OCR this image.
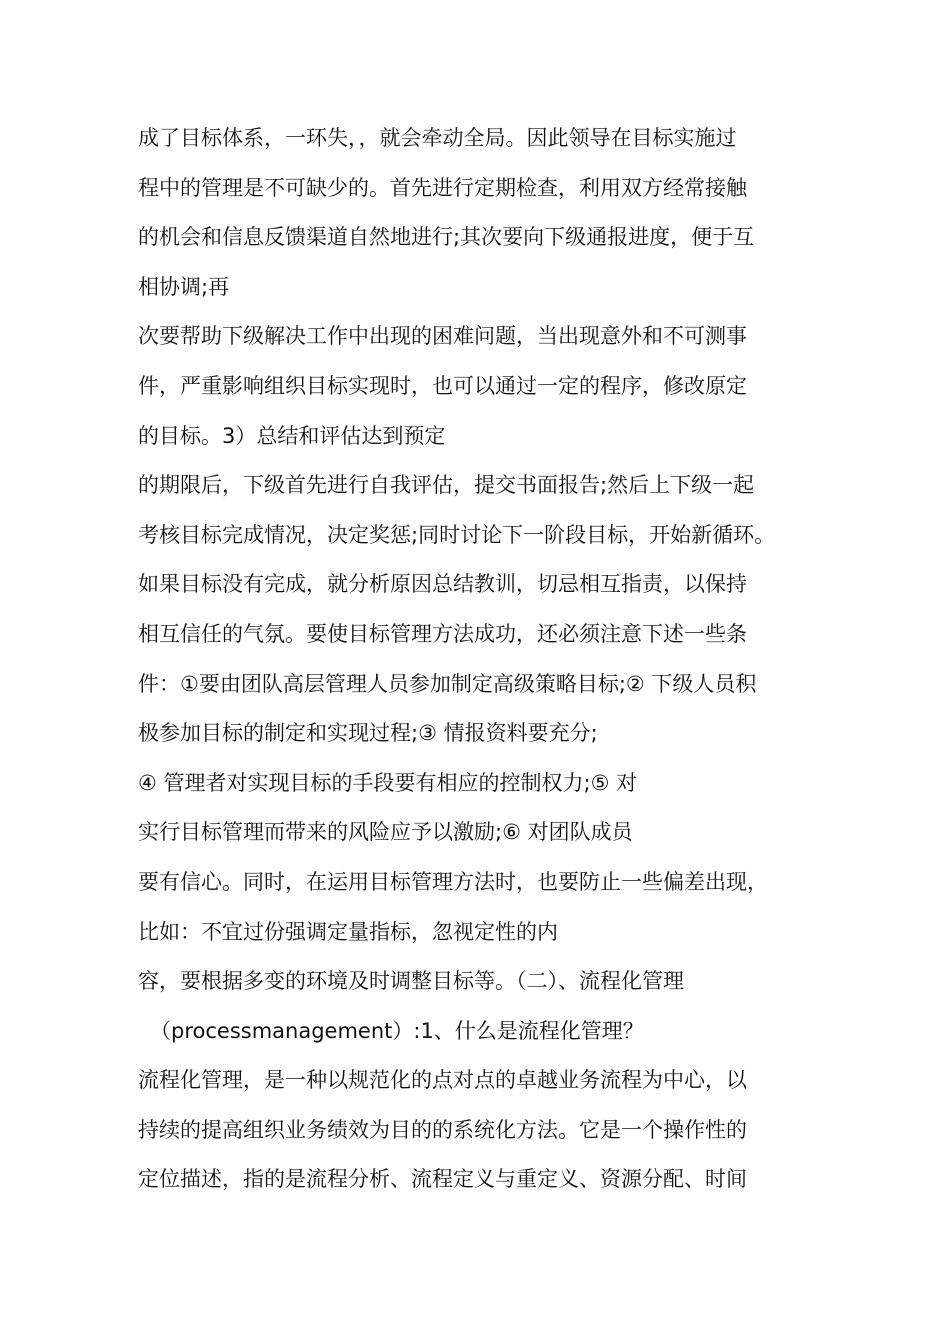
成了目标体系，一环失，，就会牵动全局。因此领导在目标实施过
程中的管理是不可缺少的。首先进行定期检查，利用双方经常接触
的机会和信息反馈渠道自然地进行;其次要向下级通报进度，便于互
相协调;再
次要帮助下级解决工作中出现的困难问题，当出现意外和不可测事
件，严重影响组织目标实现时，也可以通过一定的程序，修改原定
的目标。3）总结和评估达到预定
的期限后，下级首先进行自我评估，提交书面报告;然后上下级一起
考核目标完成情况，决定奖惩;同时讨论下一阶段目标，开始新循环。
如果目标没有完成，就分析原因总结教训，切忌相互指责，以保持
相互信任的气氛。要使目标管理方法成功，还必须注意下述一些条
件：①要由团队高层管理人员参加制定高级策略目标;② 下级人员积
极参加目标的制定和实现过程;③ 情报资料要充分;
④ 管理者对实现目标的手段要有相应的控制权力;⑤ 对
实行目标管理而带来的风险应予以激励;⑥ 对团队成员
要有信心。同时，在运用目标管理方法时，也要防止一些偏差出现，
比如：不宜过份强调定量指标，忽视定性的内
容，要根据多变的环境及时调整目标等。（二）、流程化管理
（processmanagement）:1、什么是流程化管理？
流程化管理，是一种以规范化的点对点的卓越业务流程为中心，以
持续的提高组织业务绩效为目的的系统化方法。它是一个操作性的
定位描述，指的是流程分析、流程定义与重定义、资源分配、时间
